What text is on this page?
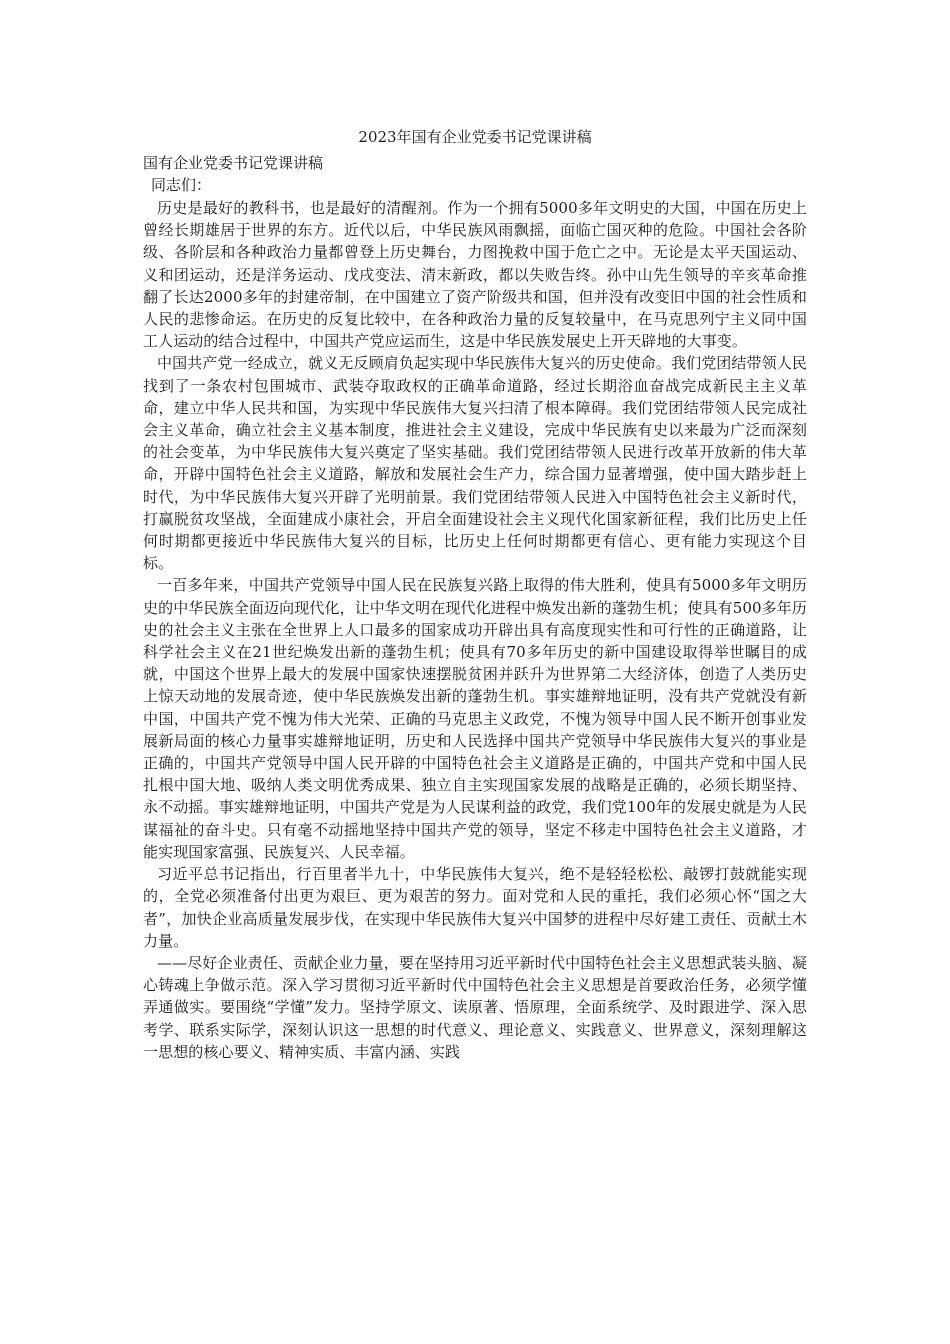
2023年国有企业党委书记党课讲稿

国有企业党委书记党课讲稿

同志们：

历史是最好的教科书，也是最好的清醒剂。作为一个拥有5000多年文明史的大国，中国在历史上曾经长期雄居于世界的东方。近代以后，中华民族风雨飘摇，面临亡国灭种的危险。中国社会各阶级、各阶层和各种政治力量都曾登上历史舞台，力图挽救中国于危亡之中。无论是太平天国运动、义和团运动，还是洋务运动、戊戌变法、清末新政，都以失败告终。孙中山先生领导的辛亥革命推翻了长达2000多年的封建帝制，在中国建立了资产阶级共和国，但并没有改变旧中国的社会性质和人民的悲惨命运。在历史的反复比较中，在各种政治力量的反复较量中，在马克思列宁主义同中国工人运动的结合过程中，中国共产党应运而生，这是中华民族发展史上开天辟地的大事变。

中国共产党一经成立，就义无反顾肩负起实现中华民族伟大复兴的历史使命。我们党团结带领人民找到了一条农村包围城市、武装夺取政权的正确革命道路，经过长期浴血奋战完成新民主主义革命，建立中华人民共和国，为实现中华民族伟大复兴扫清了根本障碍。我们党团结带领人民完成社会主义革命，确立社会主义基本制度，推进社会主义建设，完成中华民族有史以来最为广泛而深刻的社会变革，为中华民族伟大复兴奠定了坚实基础。我们党团结带领人民进行改革开放新的伟大革命，开辟中国特色社会主义道路，解放和发展社会生产力，综合国力显著增强，使中国大踏步赶上时代，为中华民族伟大复兴开辟了光明前景。我们党团结带领人民进入中国特色社会主义新时代，打赢脱贫攻坚战，全面建成小康社会，开启全面建设社会主义现代化国家新征程，我们比历史上任何时期都更接近中华民族伟大复兴的目标，比历史上任何时期都更有信心、更有能力实现这个目标。

一百多年来，中国共产党领导中国人民在民族复兴路上取得的伟大胜利，使具有5000多年文明历史的中华民族全面迈向现代化，让中华文明在现代化进程中焕发出新的蓬勃生机；使具有500多年历史的社会主义主张在全世界上人口最多的国家成功开辟出具有高度现实性和可行性的正确道路，让科学社会主义在21世纪焕发出新的蓬勃生机；使具有70多年历史的新中国建设取得举世瞩目的成就，中国这个世界上最大的发展中国家快速摆脱贫困并跃升为世界第二大经济体，创造了人类历史上惊天动地的发展奇迹，使中华民族焕发出新的蓬勃生机。事实雄辩地证明，没有共产党就没有新中国，中国共产党不愧为伟大光荣、正确的马克思主义政党，不愧为领导中国人民不断开创事业发展新局面的核心力量事实雄辩地证明，历史和人民选择中国共产党领导中华民族伟大复兴的事业是正确的，中国共产党领导中国人民开辟的中国特色社会主义道路是正确的，中国共产党和中国人民扎根中国大地、吸纳人类文明优秀成果、独立自主实现国家发展的战略是正确的，必须长期坚持、永不动摇。事实雄辩地证明，中国共产党是为人民谋利益的政党，我们党100年的发展史就是为人民谋福祉的奋斗史。只有毫不动摇地坚持中国共产党的领导，坚定不移走中国特色社会主义道路，才能实现国家富强、民族复兴、人民幸福。

习近平总书记指出，行百里者半九十，中华民族伟大复兴，绝不是轻轻松松、敲锣打鼓就能实现的，全党必须准备付出更为艰巨、更为艰苦的努力。面对党和人民的重托，我们必须心怀“国之大者”，加快企业高质量发展步伐，在实现中华民族伟大复兴中国梦的进程中尽好建工责任、贡献土木力量。

——尽好企业责任、贡献企业力量，要在坚持用习近平新时代中国特色社会主义思想武装头脑、凝心铸魂上争做示范。深入学习贯彻习近平新时代中国特色社会主义思想是首要政治任务，必须学懂弄通做实。要围绕“学懂”发力。坚持学原文、读原著、悟原理，全面系统学、及时跟进学、深入思考学、联系实际学，深刻认识这一思想的时代意义、理论意义、实践意义、世界意义，深刻理解这一思想的核心要义、精神实质、丰富内涵、实践
